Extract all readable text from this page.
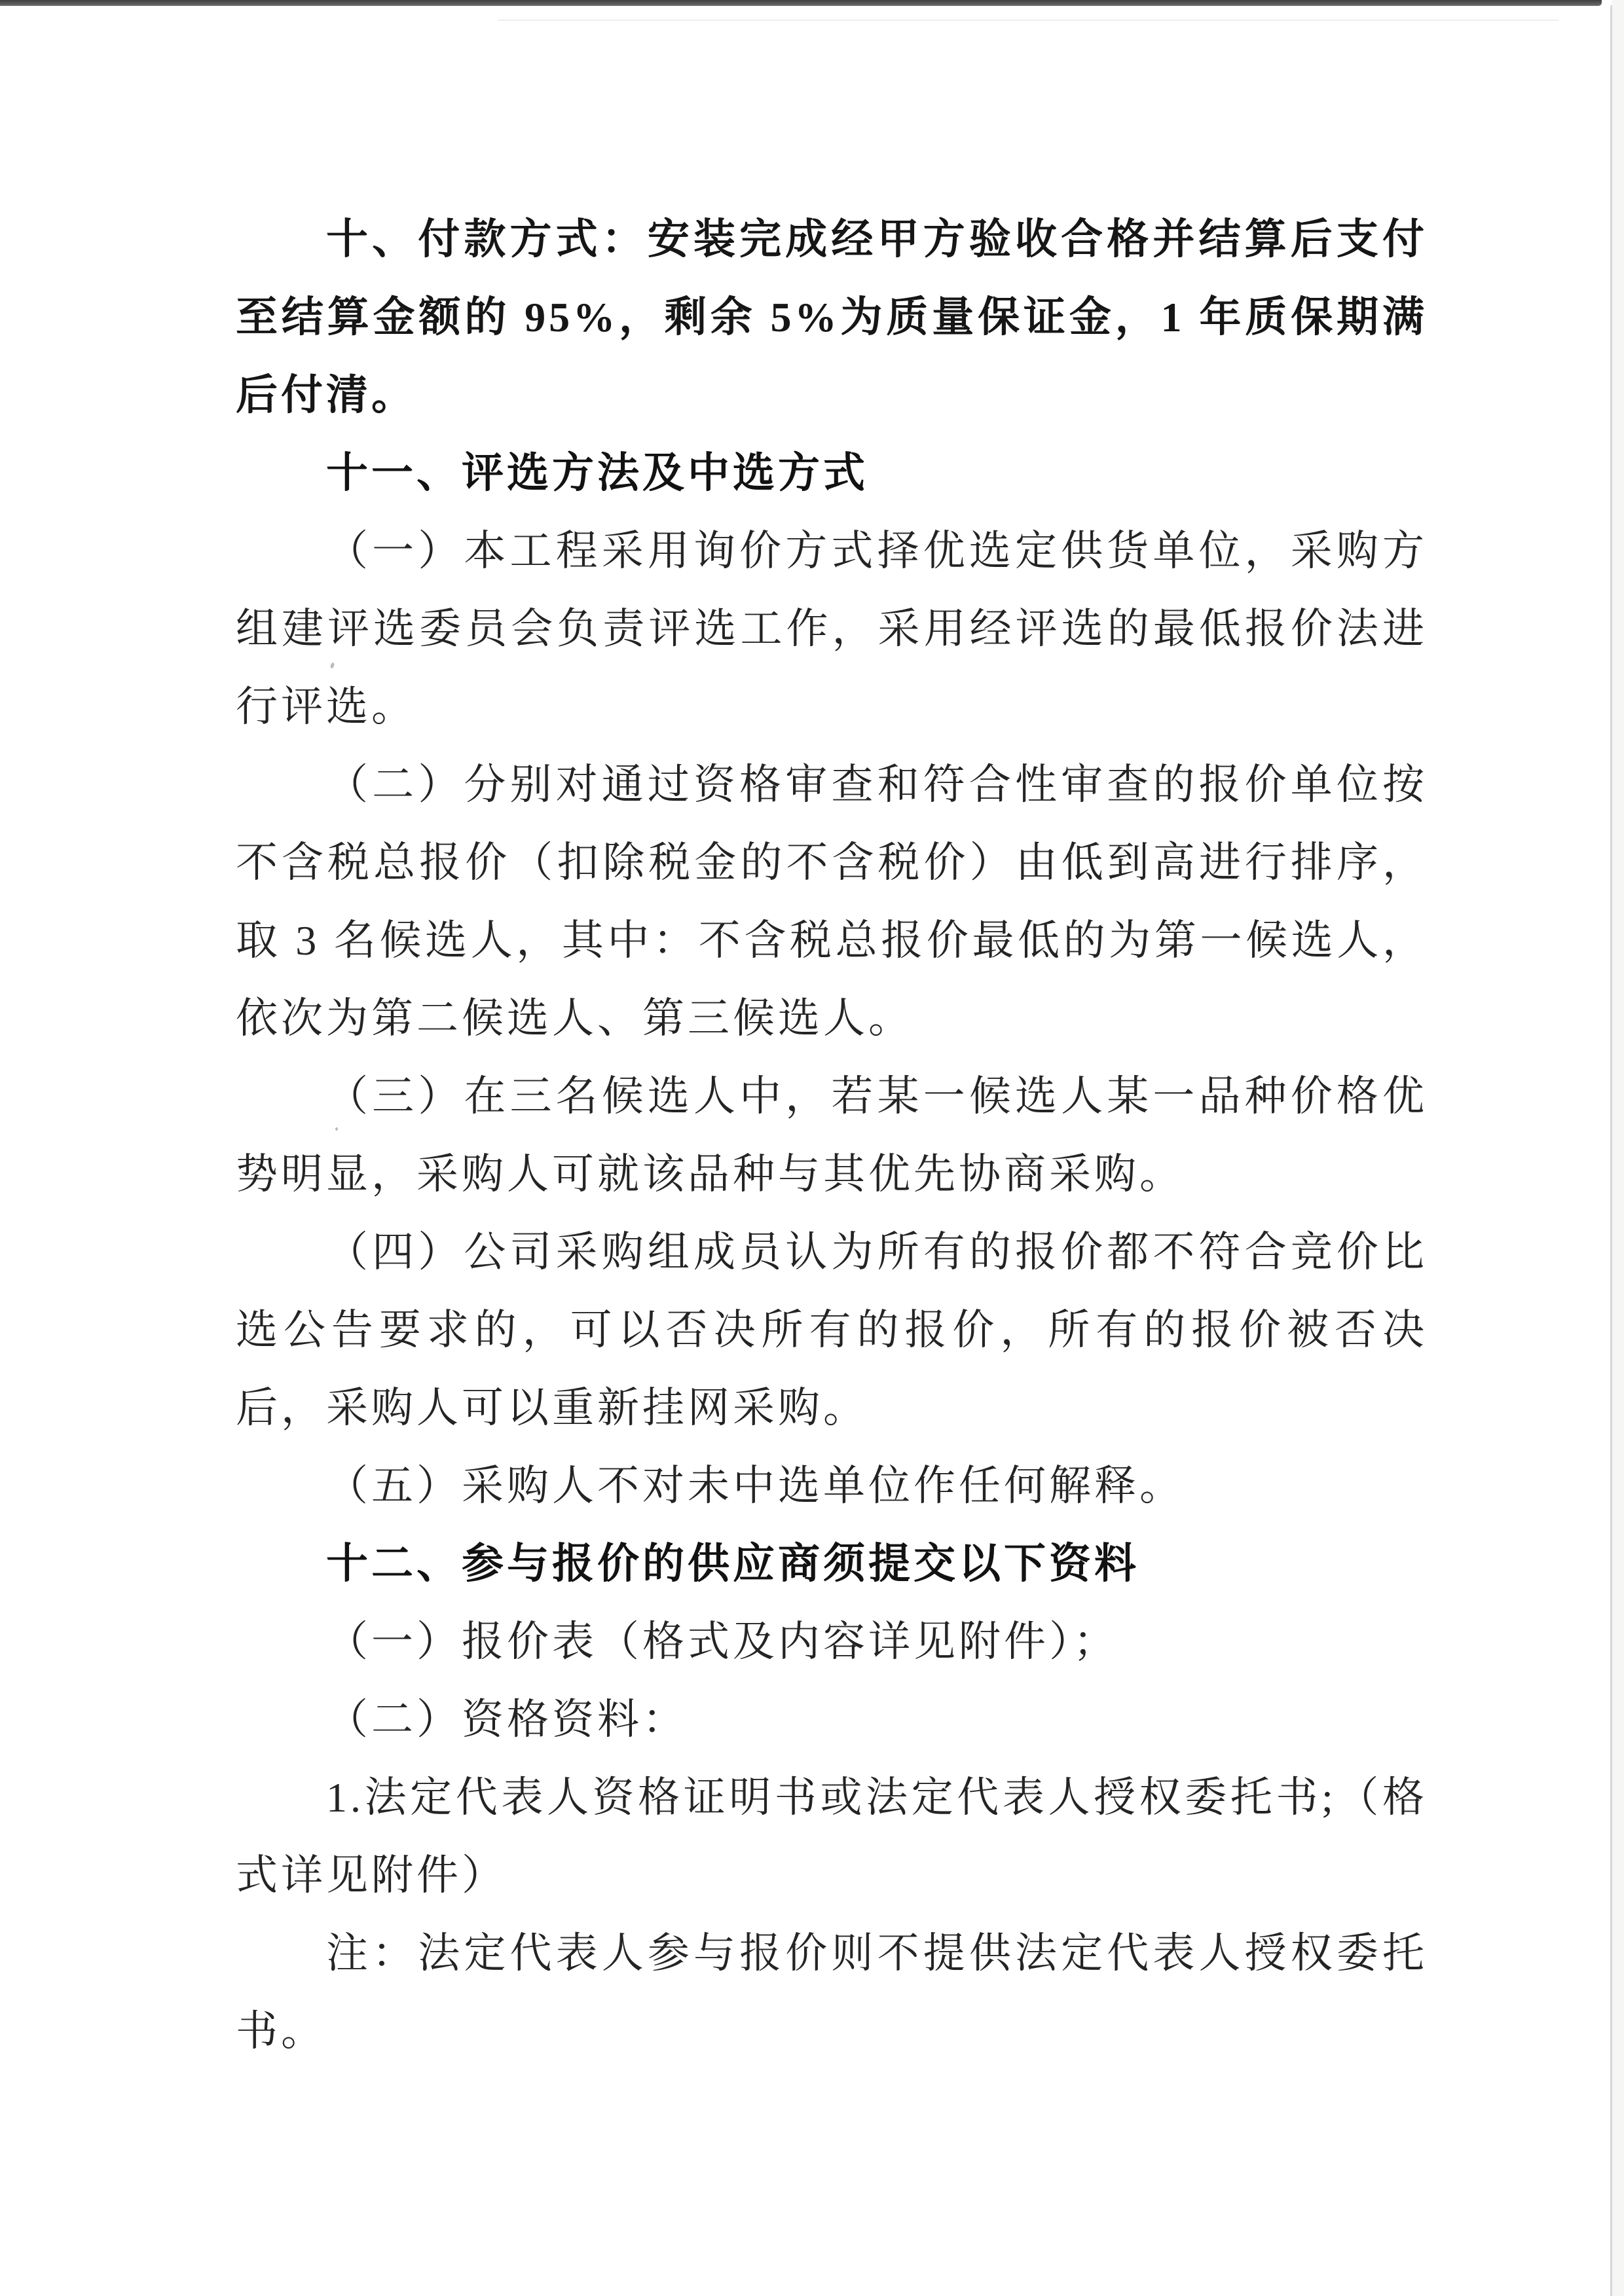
十、付款方式：安装完成经甲方验收合格并结算后支付至结算金额的 95%，剩余 5%为质量保证金，1 年质保期满后付清。

十一、评选方法及中选方式

（一）本工程采用询价方式择优选定供货单位，采购方组建评选委员会负责评选工作，采用经评选的最低报价法进行评选。

（二）分别对通过资格审查和符合性审查的报价单位按不含税总报价（扣除税金的不含税价）由低到高进行排序，取 3 名候选人，其中：不含税总报价最低的为第一候选人，依次为第二候选人、第三候选人。

（三）在三名候选人中，若某一候选人某一品种价格优势明显，采购人可就该品种与其优先协商采购。

（四）公司采购组成员认为所有的报价都不符合竞价比选公告要求的，可以否决所有的报价，所有的报价被否决后，采购人可以重新挂网采购。

（五）采购人不对未中选单位作任何解释。

十二、参与报价的供应商须提交以下资料

（一）报价表（格式及内容详见附件）；

（二）资格资料：

1.法定代表人资格证明书或法定代表人授权委托书;（格式详见附件）

注：法定代表人参与报价则不提供法定代表人授权委托书。
